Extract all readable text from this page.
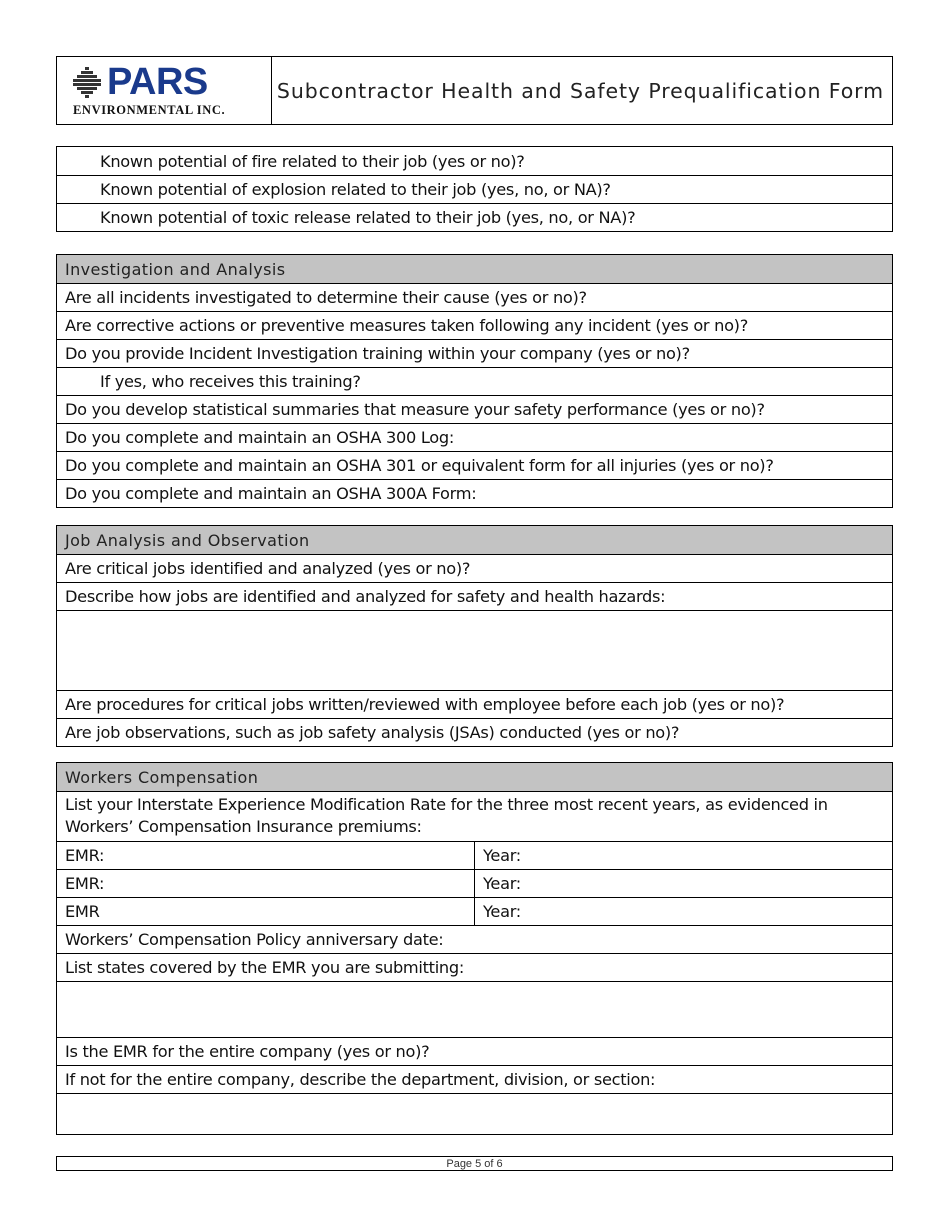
PARS
ENVIRONMENTAL INC.
Subcontractor Health and Safety Prequalification Form
Known potential of fire related to their job (yes or no)?
Known potential of explosion related to their job (yes, no, or NA)?
Known potential of toxic release related to their job (yes, no, or NA)?
Investigation and Analysis
Are all incidents investigated to determine their cause (yes or no)?
Are corrective actions or preventive measures taken following any incident (yes or no)?
Do you provide Incident Investigation training within your company (yes or no)?
If yes, who receives this training?
Do you develop statistical summaries that measure your safety performance (yes or no)?
Do you complete and maintain an OSHA 300 Log:
Do you complete and maintain an OSHA 301 or equivalent form for all injuries (yes or no)?
Do you complete and maintain an OSHA 300A Form:
Job Analysis and Observation
Are critical jobs identified and analyzed (yes or no)?
Describe how jobs are identified and analyzed for safety and health hazards:
Are procedures for critical jobs written/reviewed with employee before each job (yes or no)?
Are job observations, such as job safety analysis (JSAs) conducted (yes or no)?
Workers Compensation
List your Interstate Experience Modification Rate for the three most recent years, as evidenced in Workers’ Compensation Insurance premiums:
EMR:	Year:
EMR:	Year:
EMR	Year:
Workers’ Compensation Policy anniversary date:
List states covered by the EMR you are submitting:
Is the EMR for the entire company (yes or no)?
If not for the entire company, describe the department, division, or section:
Page 5 of 6
